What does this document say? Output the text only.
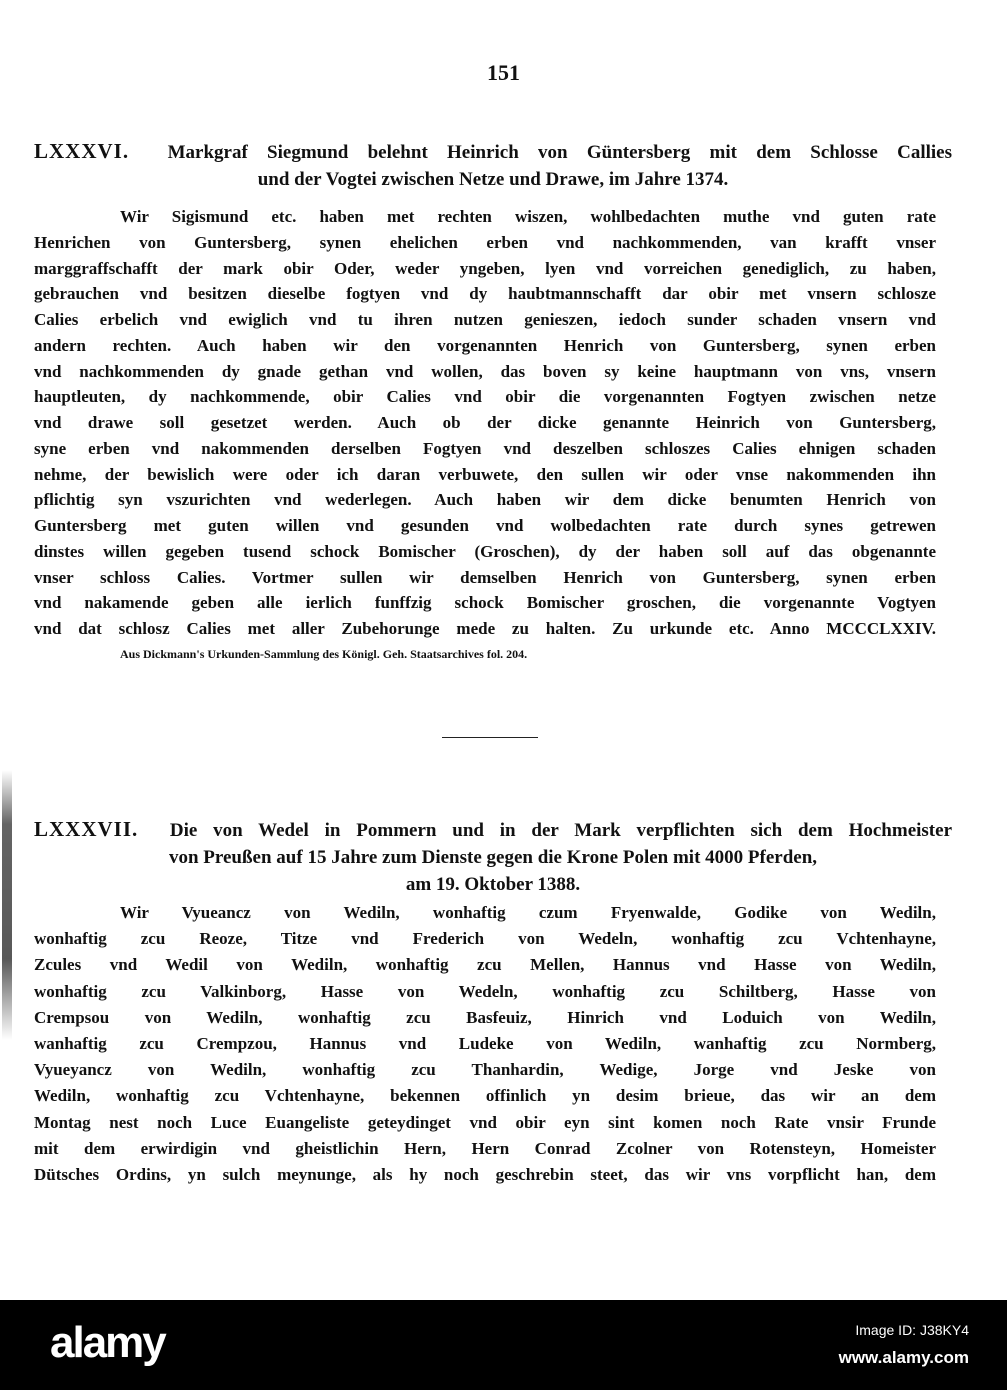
151
LXXXVI. Markgraf Siegmund belehnt Heinrich von Güntersberg mit dem Schlosse Callies
und der Vogtei zwischen Netze und Drawe, im Jahre 1374.
Wir Sigismund etc. haben met rechten wiszen, wohlbedachten muthe vnd guten rate
Henrichen von Guntersberg, synen ehelichen erben vnd nachkommenden, van krafft vnser
marggraffschafft der mark obir Oder, weder yngeben, lyen vnd vorreichen genediglich, zu haben,
gebrauchen vnd besitzen dieselbe fogtyen vnd dy haubtmannschafft dar obir met vnsern schlosze
Calies erbelich vnd ewiglich vnd tu ihren nutzen genieszen, iedoch sunder schaden vnsern vnd
andern rechten. Auch haben wir den vorgenannten Henrich von Guntersberg, synen erben
vnd nachkommenden dy gnade gethan vnd wollen, das boven sy keine hauptmann von vns, vnsern
hauptleuten, dy nachkommende, obir Calies vnd obir die vorgenannten Fogtyen zwischen netze
vnd drawe soll gesetzet werden. Auch ob der dicke genannte Heinrich von Guntersberg,
syne erben vnd nakommenden derselben Fogtyen vnd deszelben schloszes Calies ehnigen schaden
nehme, der bewislich were oder ich daran verbuwete, den sullen wir oder vnse nakommenden ihn
pflichtig syn vszurichten vnd wederlegen. Auch haben wir dem dicke benumten Henrich von
Guntersberg met guten willen vnd gesunden vnd wolbedachten rate durch synes getrewen
dinstes willen gegeben tusend schock Bomischer (Groschen), dy der haben soll auf das obgenannte
vnser schloss Calies. Vortmer sullen wir demselben Henrich von Guntersberg, synen erben
vnd nakamende geben alle ierlich funffzig schock Bomischer groschen, die vorgenannte Vogtyen
vnd dat schlosz Calies met aller Zubehorunge mede zu halten. Zu urkunde etc. Anno MCCCLXXIV.
Aus Dickmann's Urkunden-Sammlung des Königl. Geh. Staatsarchives fol. 204.
LXXXVII. Die von Wedel in Pommern und in der Mark verpflichten sich dem Hochmeister
von Preußen auf 15 Jahre zum Dienste gegen die Krone Polen mit 4000 Pferden,
am 19. Oktober 1388.
Wir Vyueancz von Wediln, wonhaftig czum Fryenwalde, Godike von Wediln,
wonhaftig zcu Reoze, Titze vnd Frederich von Wedeln, wonhaftig zcu Vchtenhayne,
Zcules vnd Wedil von Wediln, wonhaftig zcu Mellen, Hannus vnd Hasse von Wediln,
wonhaftig zcu Valkinborg, Hasse von Wedeln, wonhaftig zcu Schiltberg, Hasse von
Crempsou von Wediln, wonhaftig zcu Basfeuiz, Hinrich vnd Loduich von Wediln,
wanhaftig zcu Crempzou, Hannus vnd Ludeke von Wediln, wanhaftig zcu Normberg,
Vyueyancz von Wediln, wonhaftig zcu Thanhardin, Wedige, Jorge vnd Jeske von
Wediln, wonhaftig zcu Vchtenhayne, bekennen offinlich yn desim brieue, das wir an dem
Montag nest noch Luce Euangeliste geteydinget vnd obir eyn sint komen noch Rate vnsir Frunde
mit dem erwirdigin vnd gheistlichin Hern, Hern Conrad Zcolner von Rotensteyn, Homeister
Dütsches Ordins, yn sulch meynunge, als hy noch geschrebin steet, das wir vns vorpflicht han, dem
alamy	Image ID: J38KY4
www.alamy.com
